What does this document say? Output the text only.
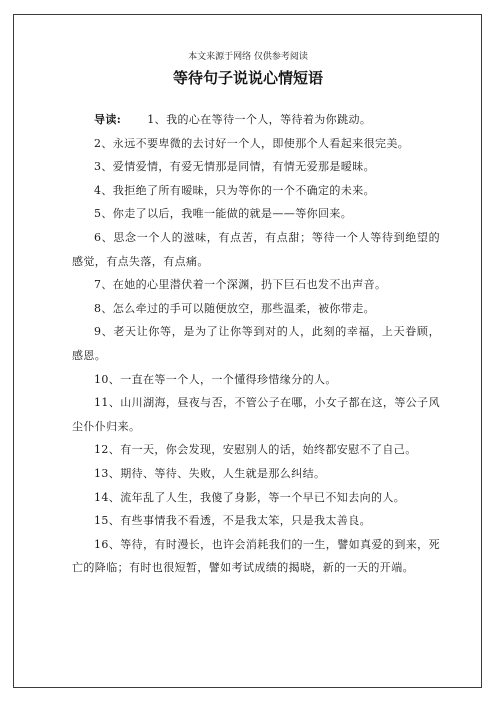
本文来源于网络 仅供参考阅读
等待句子说说心情短语

导读: 1、我的心在等待一个人，等待着为你跳动。

2、永远不要卑微的去讨好一个人，即使那个人看起来很完美。

3、爱情爱情，有爱无情那是同情，有情无爱那是暧昧。

4、我拒绝了所有暧昧，只为等你的一个不确定的未来。

5、你走了以后，我唯一能做的就是——等你回来。

6、思念一个人的滋味，有点苦，有点甜；等待一个人等待到绝望的感觉，有点失落，有点痛。

7、在她的心里潜伏着一个深渊，扔下巨石也发不出声音。

8、怎么牵过的手可以随便放空，那些温柔，被你带走。

9、老天让你等，是为了让你等到对的人，此刻的幸福，上天眷顾，感恩。

10、一直在等一个人，一个懂得珍惜缘分的人。

11、山川湖海，昼夜与否，不管公子在哪，小女子都在这，等公子风尘仆仆归来。

12、有一天，你会发现，安慰别人的话，始终都安慰不了自己。

13、期待、等待、失败，人生就是那么纠结。

14、流年乱了人生，我傻了身影，等一个早已不知去向的人。

15、有些事情我不看透，不是我太笨，只是我太善良。

16、等待，有时漫长，也许会消耗我们的一生，譬如真爱的到来，死亡的降临；有时也很短暂，譬如考试成绩的揭晓，新的一天的开端。
